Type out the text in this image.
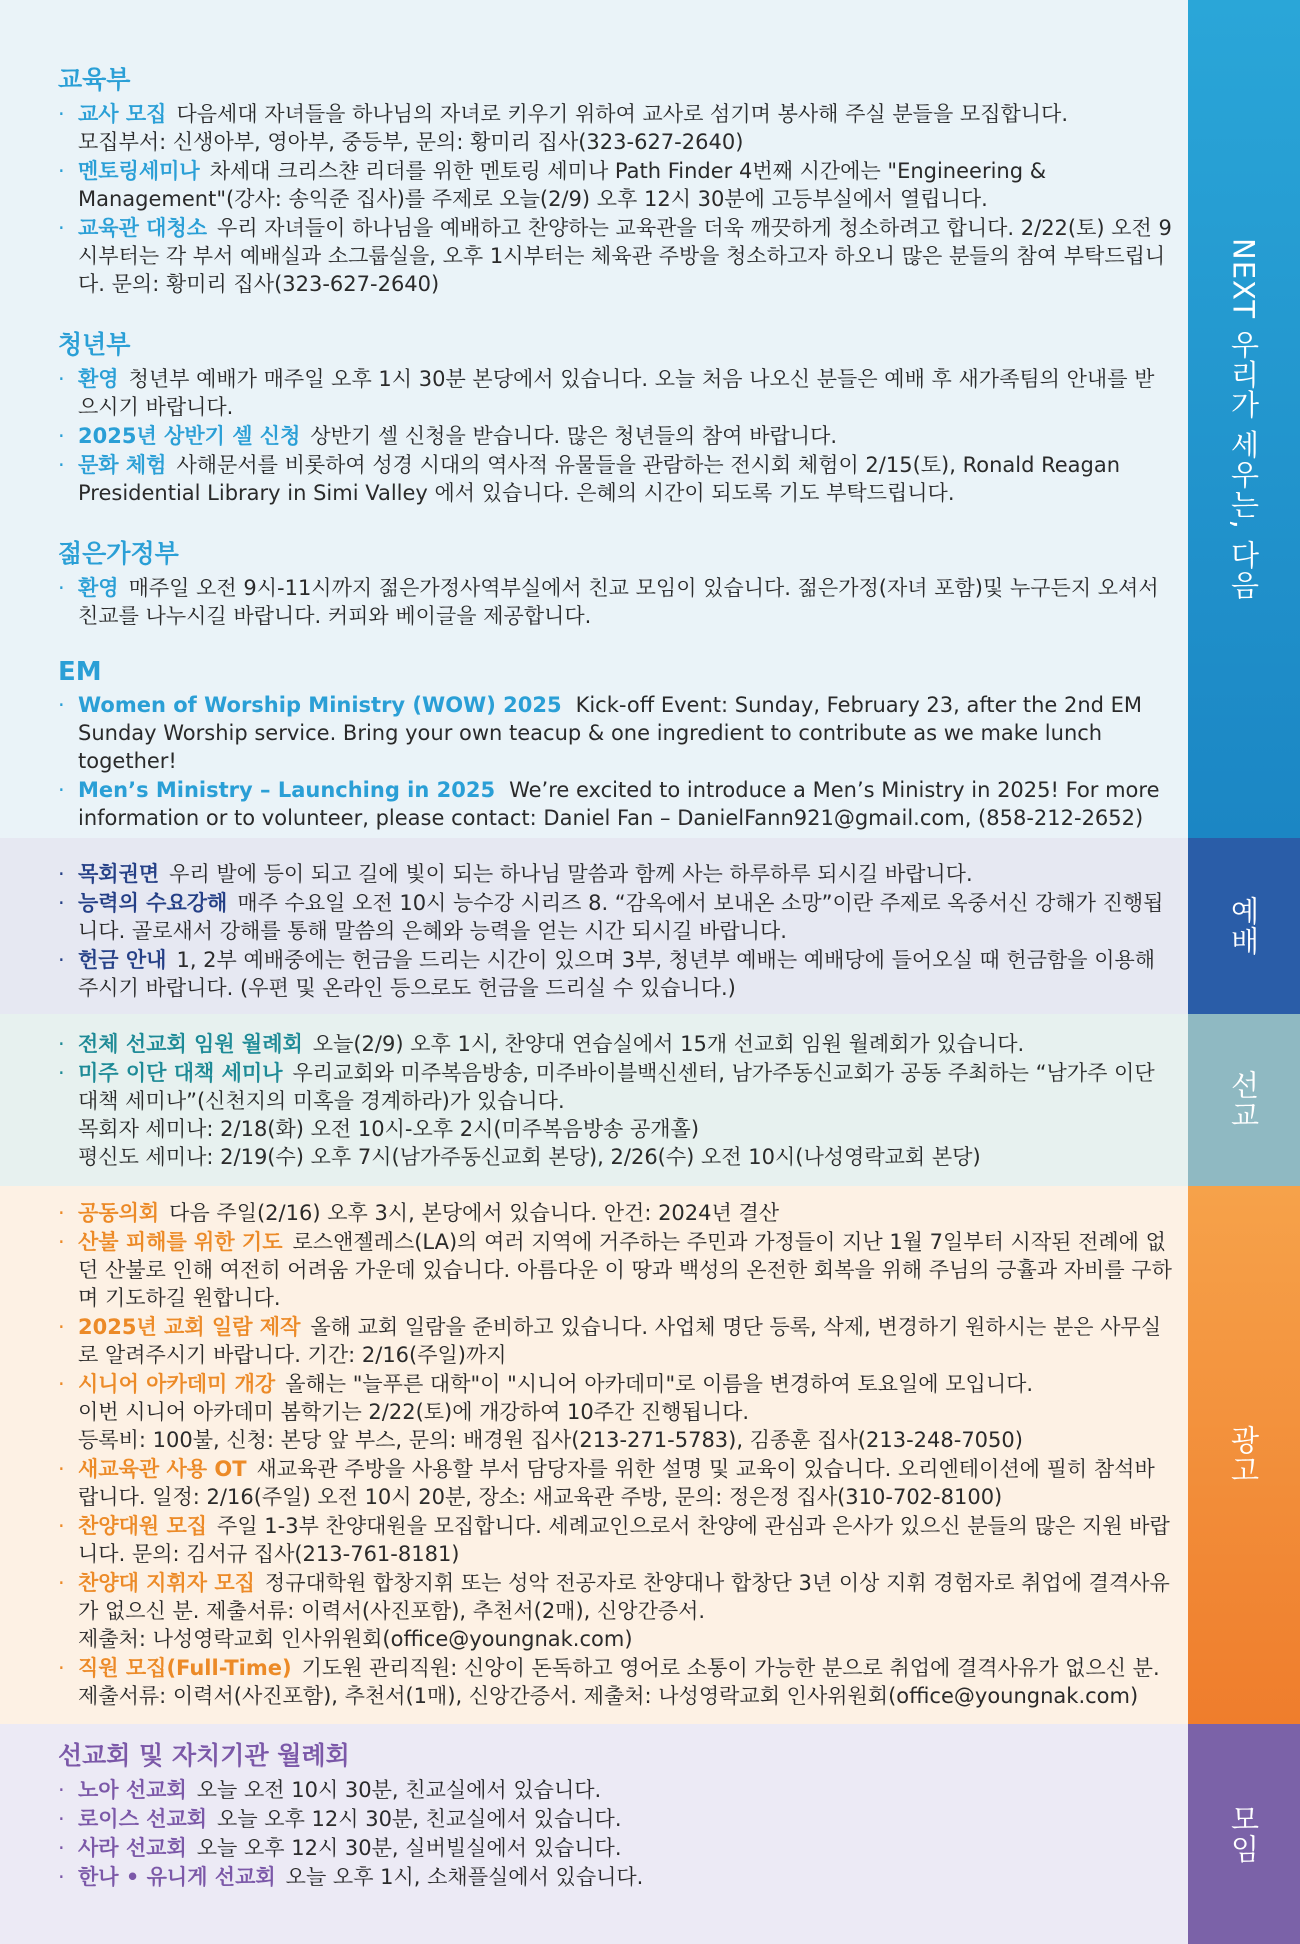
교육부
· 교사 모집 다음세대 자녀들을 하나님의 자녀로 키우기 위하여 교사로 섬기며 봉사해 주실 분들을 모집합니다.
모집부서: 신생아부, 영아부, 중등부, 문의: 황미리 집사(323-627-2640)
· 멘토링세미나 차세대 크리스챤 리더를 위한 멘토링 세미나 Path Finder 4번째 시간에는 "Engineering & Management"(강사: 송익준 집사)를 주제로 오늘(2/9) 오후 12시 30분에 고등부실에서 열립니다.
· 교육관 대청소 우리 자녀들이 하나님을 예배하고 찬양하는 교육관을 더욱 깨끗하게 청소하려고 합니다. 2/22(토) 오전 9시부터는 각 부서 예배실과 소그룹실을, 오후 1시부터는 체육관 주방을 청소하고자 하오니 많은 분들의 참여 부탁드립니다. 문의: 황미리 집사(323-627-2640)
청년부
· 환영 청년부 예배가 매주일 오후 1시 30분 본당에서 있습니다. 오늘 처음 나오신 분들은 예배 후 새가족팀의 안내를 받으시기 바랍니다.
· 2025년 상반기 셀 신청 상반기 셀 신청을 받습니다. 많은 청년들의 참여 바랍니다.
· 문화 체험 사해문서를 비롯하여 성경 시대의 역사적 유물들을 관람하는 전시회 체험이 2/15(토), Ronald Reagan Presidential Library in Simi Valley 에서 있습니다. 은혜의 시간이 되도록 기도 부탁드립니다.
젊은가정부
· 환영 매주일 오전 9시-11시까지 젊은가정사역부실에서 친교 모임이 있습니다. 젊은가정(자녀 포함)및 누구든지 오셔서 친교를 나누시길 바랍니다. 커피와 베이글을 제공합니다.
EM
· Women of Worship Ministry (WOW) 2025 Kick-off Event: Sunday, February 23, after the 2nd EM Sunday Worship service. Bring your own teacup & one ingredient to contribute as we make lunch together!
· Men’s Ministry – Launching in 2025 We’re excited to introduce a Men’s Ministry in 2025! For more information or to volunteer, please contact: Daniel Fan – DanielFann921@gmail.com, (858-212-2652)
NEXT 우리가 세우는, 다음
· 목회권면 우리 발에 등이 되고 길에 빛이 되는 하나님 말씀과 함께 사는 하루하루 되시길 바랍니다.
· 능력의 수요강해 매주 수요일 오전 10시 능수강 시리즈 8. “감옥에서 보내온 소망”이란 주제로 옥중서신 강해가 진행됩니다. 골로새서 강해를 통해 말씀의 은혜와 능력을 얻는 시간 되시길 바랍니다.
· 헌금 안내 1, 2부 예배중에는 헌금을 드리는 시간이 있으며 3부, 청년부 예배는 예배당에 들어오실 때 헌금함을 이용해 주시기 바랍니다. (우편 및 온라인 등으로도 헌금을 드리실 수 있습니다.)
예배
· 전체 선교회 임원 월례회 오늘(2/9) 오후 1시, 찬양대 연습실에서 15개 선교회 임원 월례회가 있습니다.
· 미주 이단 대책 세미나 우리교회와 미주복음방송, 미주바이블백신센터, 남가주동신교회가 공동 주최하는 “남가주 이단 대책 세미나”(신천지의 미혹을 경계하라)가 있습니다.
목회자 세미나: 2/18(화) 오전 10시-오후 2시(미주복음방송 공개홀)
평신도 세미나: 2/19(수) 오후 7시(남가주동신교회 본당), 2/26(수) 오전 10시(나성영락교회 본당)
선교
· 공동의회 다음 주일(2/16) 오후 3시, 본당에서 있습니다. 안건: 2024년 결산
· 산불 피해를 위한 기도 로스앤젤레스(LA)의 여러 지역에 거주하는 주민과 가정들이 지난 1월 7일부터 시작된 전례에 없던 산불로 인해 여전히 어려움 가운데 있습니다. 아름다운 이 땅과 백성의 온전한 회복을 위해 주님의 긍휼과 자비를 구하며 기도하길 원합니다.
· 2025년 교회 일람 제작 올해 교회 일람을 준비하고 있습니다. 사업체 명단 등록, 삭제, 변경하기 원하시는 분은 사무실로 알려주시기 바랍니다. 기간: 2/16(주일)까지
· 시니어 아카데미 개강 올해는 "늘푸른 대학"이 "시니어 아카데미"로 이름을 변경하여 토요일에 모입니다.
이번 시니어 아카데미 봄학기는 2/22(토)에 개강하여 10주간 진행됩니다.
등록비: 100불, 신청: 본당 앞 부스, 문의: 배경원 집사(213-271-5783), 김종훈 집사(213-248-7050)
· 새교육관 사용 OT 새교육관 주방을 사용할 부서 담당자를 위한 설명 및 교육이 있습니다. 오리엔테이션에 필히 참석바랍니다. 일정: 2/16(주일) 오전 10시 20분, 장소: 새교육관 주방, 문의: 정은정 집사(310-702-8100)
· 찬양대원 모집 주일 1-3부 찬양대원을 모집합니다. 세례교인으로서 찬양에 관심과 은사가 있으신 분들의 많은 지원 바랍니다. 문의: 김서규 집사(213-761-8181)
· 찬양대 지휘자 모집 정규대학원 합창지휘 또는 성악 전공자로 찬양대나 합창단 3년 이상 지휘 경험자로 취업에 결격사유가 없으신 분. 제출서류: 이력서(사진포함), 추천서(2매), 신앙간증서.
제출처: 나성영락교회 인사위원회(office@youngnak.com)
· 직원 모집(Full-Time) 기도원 관리직원: 신앙이 돈독하고 영어로 소통이 가능한 분으로 취업에 결격사유가 없으신 분. 제출서류: 이력서(사진포함), 추천서(1매), 신앙간증서. 제출처: 나성영락교회 인사위원회(office@youngnak.com)
광고
선교회 및 자치기관 월례회
· 노아 선교회 오늘 오전 10시 30분, 친교실에서 있습니다.
· 로이스 선교회 오늘 오후 12시 30분, 친교실에서 있습니다.
· 사라 선교회 오늘 오후 12시 30분, 실버빌실에서 있습니다.
· 한나 • 유니게 선교회 오늘 오후 1시, 소채플실에서 있습니다.
모임
